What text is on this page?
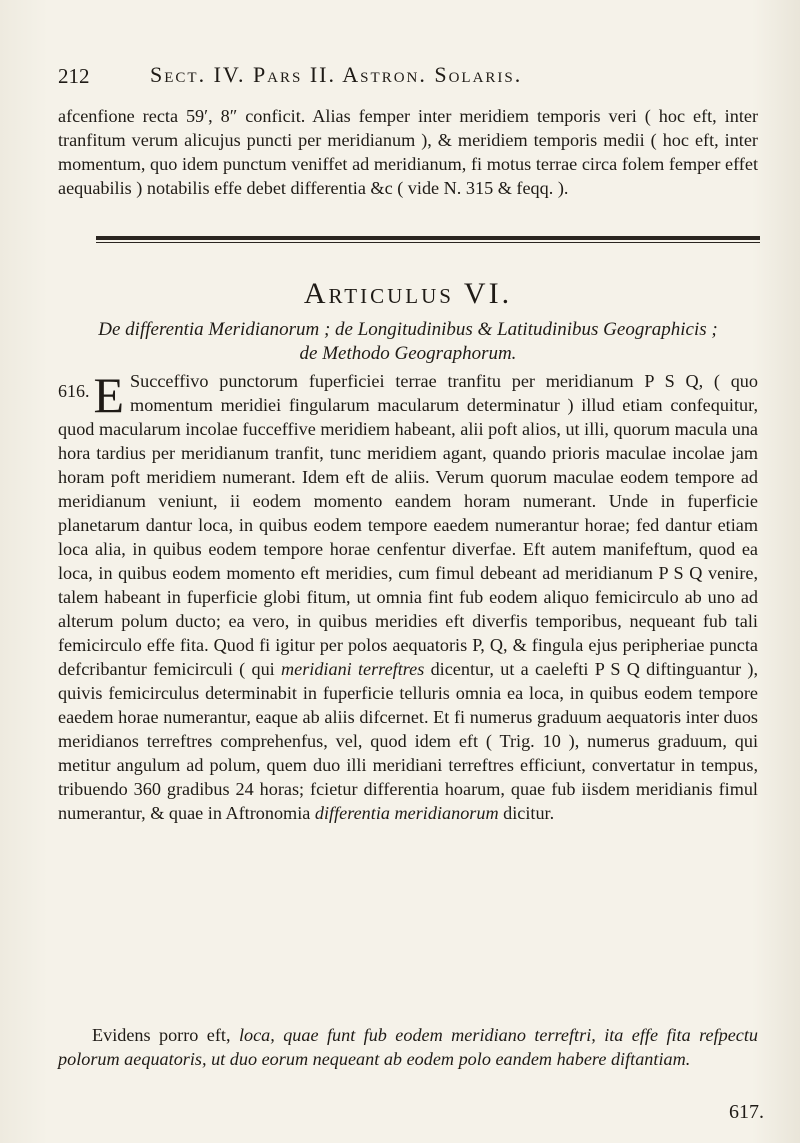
212	Sect. IV. Pars II. Astron. Solaris.
afcenfione recta 59′, 8″ conficit. Alias femper inter meridiem temporis veri ( hoc eft, inter tranfitum verum alicujus puncti per meridianum ), & meridiem temporis medii ( hoc eft, inter momentum, quo idem punctum veniffet ad meridianum, fi motus terrae circa folem femper effet aequabilis ) notabilis effe debet differentia &c ( vide N. 315 & feqq. ).
Articulus VI.
De differentia Meridianorum ; de Longitudinibus & Latitudinibus Geographicis ;
de Methodo Geographorum.

616. E Succeffivo punctorum fuperficiei terrae tranfitu per meridianum P S Q, ( quo momentum meridiei fingularum macularum determinatur ) illud etiam confequitur, quod macularum incolae fucceffive meridiem habeant, alii poft alios, ut illi, quorum macula una hora tardius per meridianum tranfit, tunc meridiem agant, quando prioris maculae incolae jam horam poft meridiem numerant. Idem eft de aliis. Verum quorum maculae eodem tempore ad meridianum veniunt, ii eodem momento eandem horam numerant. Unde in fuperficie planetarum dantur loca, in quibus eodem tempore eaedem numerantur horae; fed dantur etiam loca alia, in quibus eodem tempore horae cenfentur diverfae. Eft autem manifeftum, quod ea loca, in quibus eodem momento eft meridies, cum fimul debeant ad meridianum P S Q venire, talem habeant in fuperficie globi fitum, ut omnia fint fub eodem aliquo femicirculo ab uno ad alterum polum ducto; ea vero, in quibus meridies eft diverfis temporibus, nequeant fub tali femicirculo effe fita. Quod fi igitur per polos aequatoris P, Q, & fingula ejus peripheriae puncta defcribantur femicirculi ( qui meridiani terreftres dicentur, ut a caelefti P S Q diftinguantur ), quivis femicirculus determinabit in fuperficie telluris omnia ea loca, in quibus eodem tempore eaedem horae numerantur, eaque ab aliis difcernet. Et fi numerus graduum aequatoris inter duos meridianos terreftres comprehenfus, vel, quod idem eft ( Trig. 10 ), numerus graduum, qui metitur angulum ad polum, quem duo illi meridiani terreftres efficiunt, convertatur in tempus, tribuendo 360 gradibus 24 horas; fcietur differentia hoarum, quae fub iisdem meridianis fimul numerantur, & quae in Aftronomia differentia meridianorum dicitur.

Evidens porro eft, loca, quae funt fub eodem meridiano terreftri, ita effe fita refpectu polorum aequatoris, ut duo eorum nequeant ab eodem polo eandem habere diftantiam.

617.
